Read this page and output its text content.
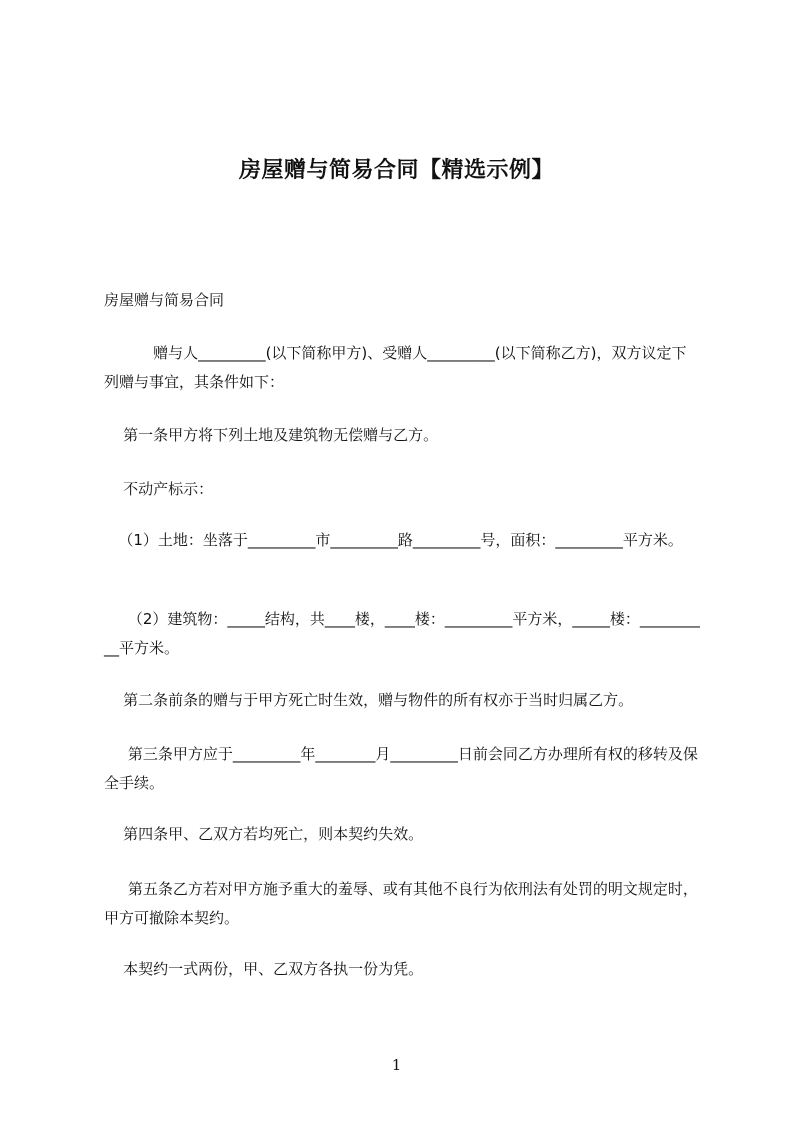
房屋赠与简易合同【精选示例】

房屋赠与简易合同

赠与人_________(以下简称甲方)、受赠人_________(以下简称乙方)，双方议定下列赠与事宜，其条件如下：

第一条甲方将下列土地及建筑物无偿赠与乙方。

不动产标示：

（1）土地：坐落于_________市_________路_________号，面积：_________平方米。

（2）建筑物：_____结构，共____楼，____楼：_________平方米，_____楼：__________平方米。

第二条前条的赠与于甲方死亡时生效，赠与物件的所有权亦于当时归属乙方。

第三条甲方应于_________年________月_________日前会同乙方办理所有权的移转及保全手续。

第四条甲、乙双方若均死亡，则本契约失效。

第五条乙方若对甲方施予重大的羞辱、或有其他不良行为依刑法有处罚的明文规定时，甲方可撤除本契约。

本契约一式两份，甲、乙双方各执一份为凭。

1
